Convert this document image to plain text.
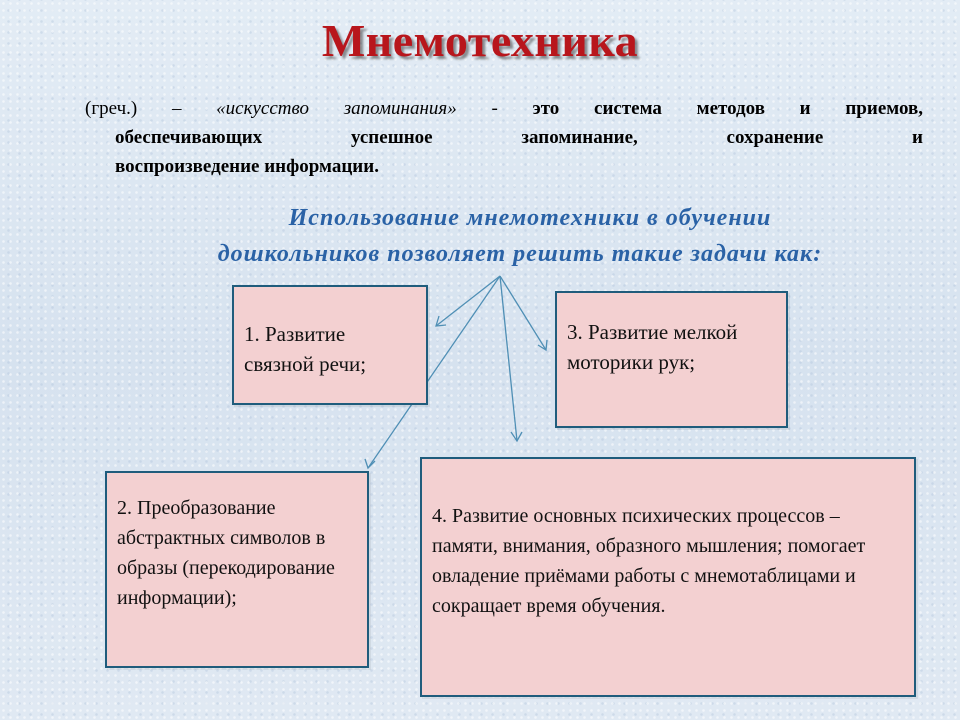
Мнемотехника
(греч.) – «искусство запоминания» - это система методов и приемов,
обеспечивающих успешное запоминание, сохранение и
воспроизведение информации.
Использование мнемотехники в обучении
дошкольников позволяет решить такие задачи как:
1. Развитие связной речи;
3. Развитие мелкой моторики рук;
2. Преобразование абстрактных символов в образы (перекодирование информации);
4. Развитие основных психических процессов – памяти, внимания, образного мышления; помогает овладение приёмами работы с мнемотаблицами и сокращает время обучения.
